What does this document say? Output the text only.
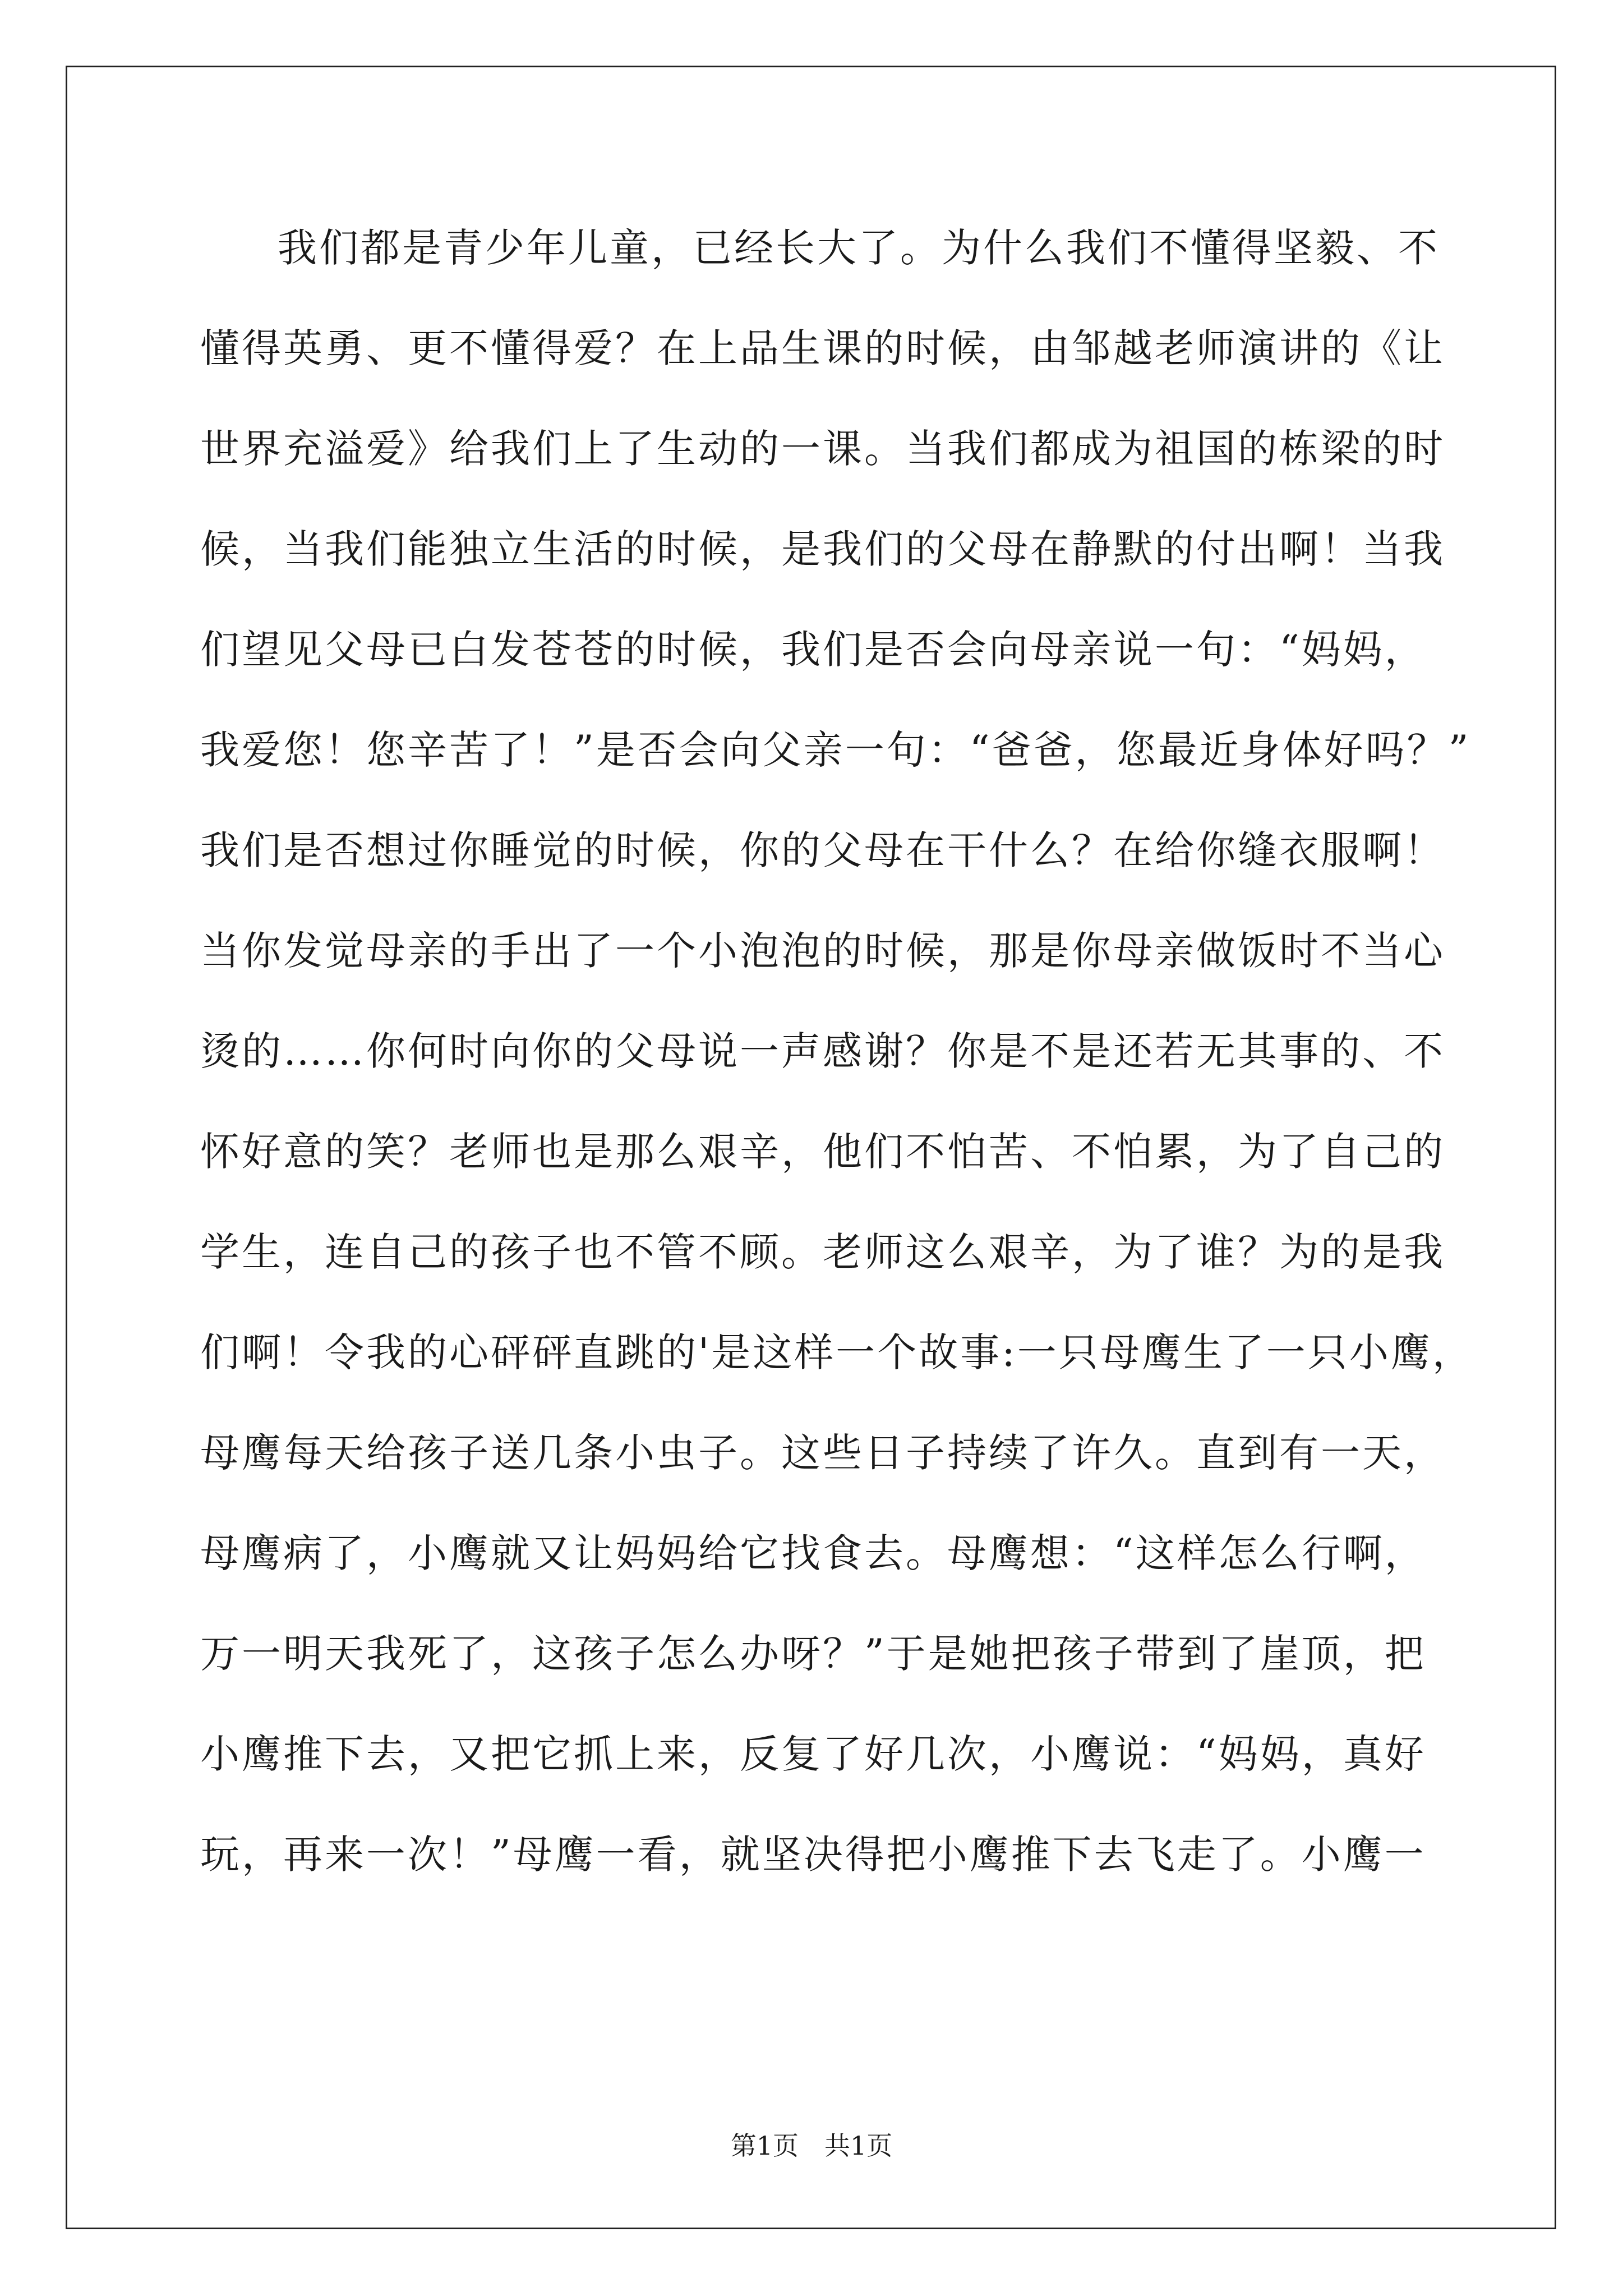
我们都是青少年儿童，已经长大了。为什么我们不懂得坚毅、不
懂得英勇、更不懂得爱？在上品生课的时候，由邹越老师演讲的《让
世界充溢爱》给我们上了生动的一课。当我们都成为祖国的栋梁的时
候，当我们能独立生活的时候，是我们的父母在静默的付出啊！当我
们望见父母已白发苍苍的时候，我们是否会向母亲说一句：“妈妈，
我爱您！您辛苦了！”是否会向父亲一句：“爸爸，您最近身体好吗？”
我们是否想过你睡觉的时候，你的父母在干什么？在给你缝衣服啊！
当你发觉母亲的手出了一个小泡泡的时候，那是你母亲做饭时不当心
烫的……你何时向你的父母说一声感谢？你是不是还若无其事的、不
怀好意的笑？老师也是那么艰辛，他们不怕苦、不怕累，为了自己的
学生，连自己的孩子也不管不顾。老师这么艰辛，为了谁？为的是我
们啊！令我的心砰砰直跳的'是这样一个故事:一只母鹰生了一只小鹰，
母鹰每天给孩子送几条小虫子。这些日子持续了许久。直到有一天，
母鹰病了，小鹰就又让妈妈给它找食去。母鹰想：“这样怎么行啊，
万一明天我死了，这孩子怎么办呀？”于是她把孩子带到了崖顶，把
小鹰推下去，又把它抓上来，反复了好几次，小鹰说：“妈妈，真好
玩，再来一次！”母鹰一看，就坚决得把小鹰推下去飞走了。小鹰一
第1页　共1页
